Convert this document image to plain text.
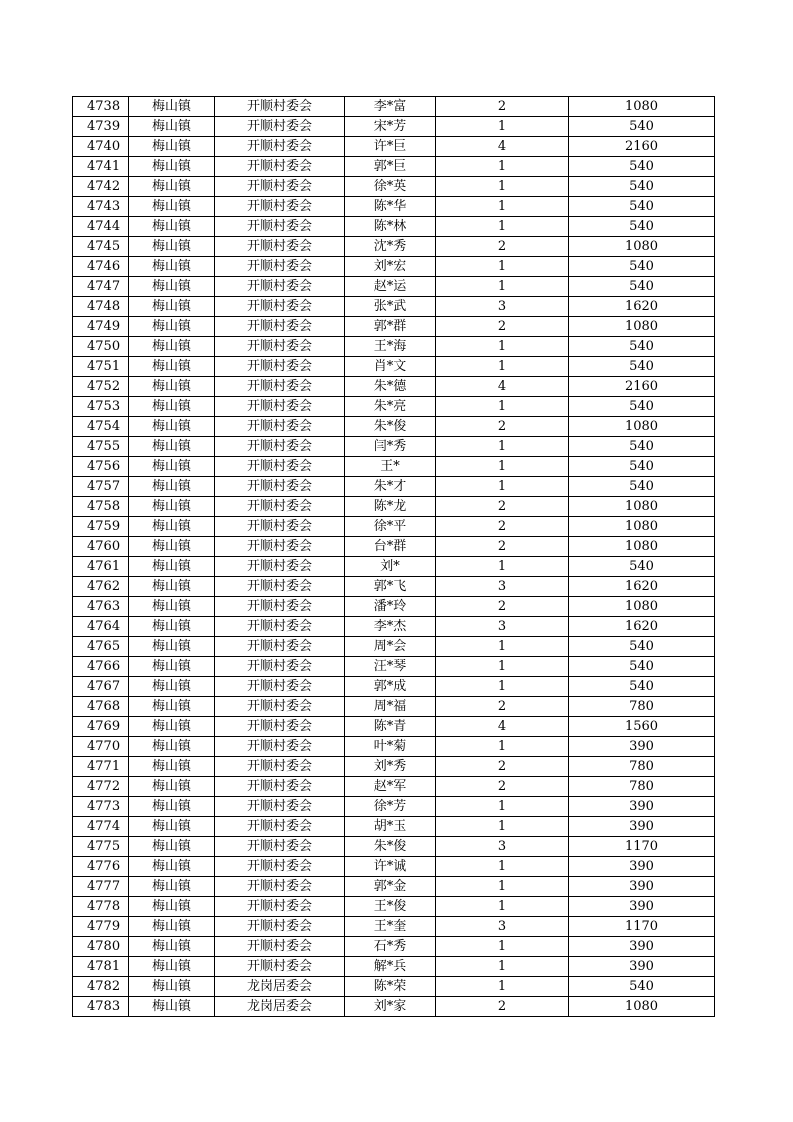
4738	梅山镇	开顺村委会	李*富	2	1080
4739	梅山镇	开顺村委会	宋*芳	1	540
4740	梅山镇	开顺村委会	许*巨	4	2160
4741	梅山镇	开顺村委会	郭*巨	1	540
4742	梅山镇	开顺村委会	徐*英	1	540
4743	梅山镇	开顺村委会	陈*华	1	540
4744	梅山镇	开顺村委会	陈*林	1	540
4745	梅山镇	开顺村委会	沈*秀	2	1080
4746	梅山镇	开顺村委会	刘*宏	1	540
4747	梅山镇	开顺村委会	赵*运	1	540
4748	梅山镇	开顺村委会	张*武	3	1620
4749	梅山镇	开顺村委会	郭*群	2	1080
4750	梅山镇	开顺村委会	王*海	1	540
4751	梅山镇	开顺村委会	肖*文	1	540
4752	梅山镇	开顺村委会	朱*德	4	2160
4753	梅山镇	开顺村委会	朱*亮	1	540
4754	梅山镇	开顺村委会	朱*俊	2	1080
4755	梅山镇	开顺村委会	闫*秀	1	540
4756	梅山镇	开顺村委会	王*	1	540
4757	梅山镇	开顺村委会	朱*才	1	540
4758	梅山镇	开顺村委会	陈*龙	2	1080
4759	梅山镇	开顺村委会	徐*平	2	1080
4760	梅山镇	开顺村委会	台*群	2	1080
4761	梅山镇	开顺村委会	刘*	1	540
4762	梅山镇	开顺村委会	郭*飞	3	1620
4763	梅山镇	开顺村委会	潘*玲	2	1080
4764	梅山镇	开顺村委会	李*杰	3	1620
4765	梅山镇	开顺村委会	周*会	1	540
4766	梅山镇	开顺村委会	汪*琴	1	540
4767	梅山镇	开顺村委会	郭*成	1	540
4768	梅山镇	开顺村委会	周*福	2	780
4769	梅山镇	开顺村委会	陈*青	4	1560
4770	梅山镇	开顺村委会	叶*菊	1	390
4771	梅山镇	开顺村委会	刘*秀	2	780
4772	梅山镇	开顺村委会	赵*军	2	780
4773	梅山镇	开顺村委会	徐*芳	1	390
4774	梅山镇	开顺村委会	胡*玉	1	390
4775	梅山镇	开顺村委会	朱*俊	3	1170
4776	梅山镇	开顺村委会	许*诚	1	390
4777	梅山镇	开顺村委会	郭*金	1	390
4778	梅山镇	开顺村委会	王*俊	1	390
4779	梅山镇	开顺村委会	王*奎	3	1170
4780	梅山镇	开顺村委会	石*秀	1	390
4781	梅山镇	开顺村委会	解*兵	1	390
4782	梅山镇	龙岗居委会	陈*荣	1	540
4783	梅山镇	龙岗居委会	刘*家	2	1080
